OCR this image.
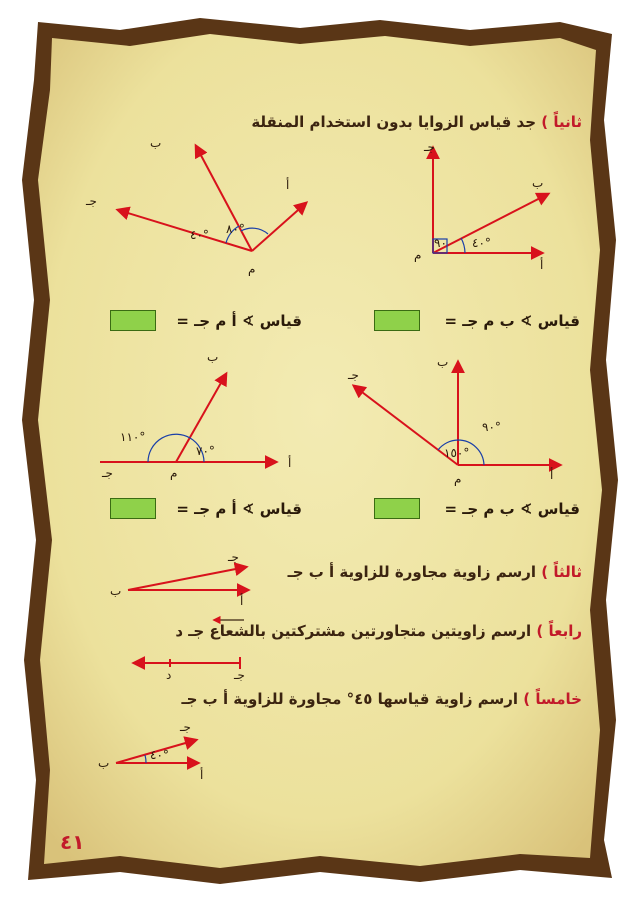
ثانياً ) جد قياس الزوايا بدون استخدام المنقلة
جـ
ب
م
أ
٩٠ ٤٠°
قياس ∢ ب م جـ =
ب
جـ
أ
م
٤٠° ٨٠°
قياس ∢ أ م جـ =
ب
جـ
أ
م
٩٠°
١٥٠°
قياس ∢ ب م جـ =
ب
جـ
أ
م
١١٠°
٧٠°
قياس ∢ أ م جـ =
ثالثاً ) ارسم زاوية مجاورة للزاوية أ ب جـ
جـ
ب
أ
رابعاً ) ارسم زاويتين متجاورتين مشتركتين بالشعاع جـ د
جـ
د
خامساً ) ارسم زاوية قياسها ٤٥° مجاورة للزاوية أ ب جـ
جـ
ب
أ
٤٠°
٤١
